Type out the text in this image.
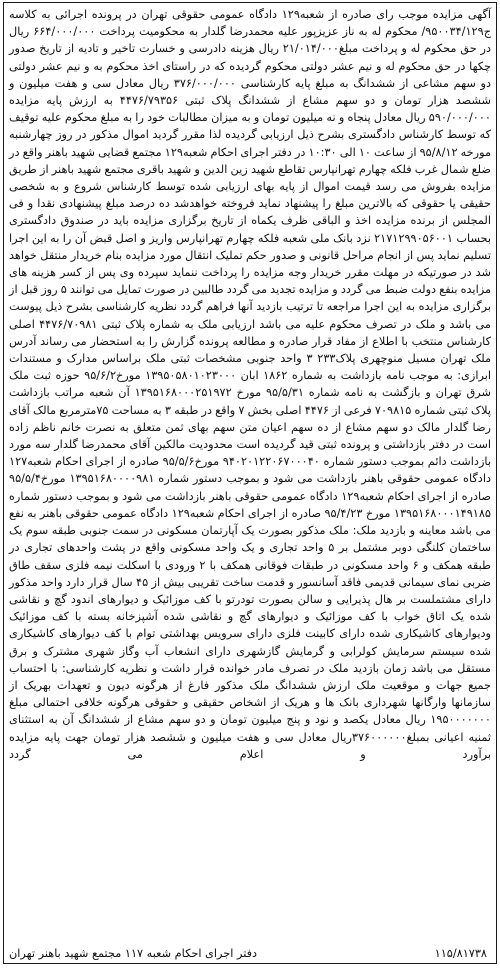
آگهی مزایده موجب رای صادره از شعبه۱۲۹ دادگاه عمومی حقوقی تهران در پرونده اجرائی به کلاسه ج۹۵۰۰۳۴/۱۲۹/ محکوم له به ناز عزیزپور علیه محمدرضا گلدار به محکومیت پرداخت ۶۶۴/۰۰۰/۰۰۰ ریال در حق محکوم له و پرداخت مبلغ۲۱/۰۱۴/۰۰۰ ریال هزینه دادرسی و خسارت تاخیر و تادیه از تاریخ صدور چکها در حق محکوم له و نیم عشر دولتی محکوم گردیده که در راستای اخذ محکوم به و نیم عشر دولتی دو سهم مشاعی از ششدانگ به مبلغ پایه کارشناسی ۳۷۶/۰۰۰/۰۰۰ ریال معادل سی و هفت میلیون و ششصد هزار تومان و دو سهم مشاع از ششدانگ پلاک ثبتی ۴۴۷۶/۷۹۳۵۶ به ارزش پایه مزایده ۵۹۰/۰۰۰/۰۰۰ ریال معادل پنجاه و نه میلیون تومان و به میزان مطالبات خود را به مبلغ محکوم علیه توقیف که توسط کارشناس دادگستری بشرح ذیل ارزیابی گردیده لذا مقرر گردید اموال مذکور در روز چهارشنبه مورخه ۹۵/۸/۱۲ از ساعت ۱۰ الی ۱۰:۳۰ در دفتر اجرای احکام شعبه۱۲۹ مجتمع قضایی شهید باهنر واقع در ضلع شمال غرب فلکه چهارم تهرانپارس تقاطع شهید زین الدین و شهید باقری مجتمع شهید باهنر از طریق مزایده بفروش می رسد قیمت اموال از پایه بهای ارزیابی شده توسط کارشناس شروع و به شخصی حقیقی یا حقوقی که بالاترین مبلغ را پیشنهاد نماید فروخته خواهدشد ده درصد مبلغ پیشنهادی نقدا و فی المجلس از برنده مزایده اخذ و الباقی ظرف یکماه از تاریخ برگزاری مزایده باید در صندوق دادگستری بحساب ۲۱۷۱۲۹۹۰۵۶۰۰۱ نزد بانک ملی شعبه فلکه چهارم تهرانپارس واریز و اصل قبض آن را به این اجرا تسلیم نماید پس از انجام مراحل قانونی و صدور حکم تملیک انتقال مورد مزایده بنام خریدار منتقل خواهد شد در صورتیکه در مهلت مقرر خریدار وجه مزایده را پرداخت ننماید سپرده وی پس از کسر هزینه های مزایده بنفع دولت ضبط می گردد و مزایده تجدید می گردد طالبین در صورت تمایل می توانند ۵ روز قبل از برگزاری مزایده به این اجرا مراجعه تا ترتیب بازدید آنها فراهم گردد نظریه کارشناسی بشرح ذیل پیوست می باشد و ملک در تصرف محکوم علیه می باشد ارزیابی ملک به شماره پلاک ثبتی ۴۴۷۶/۷۰۹۸۱ اصلی کارشناس منتخب با اطلاع از مفاد قرار صادره و مطالعه پرونده گزارش را به استحضار می رساند آدرس ملک تهران مسیل منوچهری پلاک۲۳۳ ۳ واحد جنوبی مشخصات ثبتی ملک براساس مدارک و مستندات ابرازی: به موجب نامه بازداشت به شماره ۱۸۶۲ ابان ۱۳۹۵۰۵۸۰۱۰۲۳۰۰۰ مورخ۹۵/۶/۲ حوزه ثبت ملک شرق تهران و بازگشت به نامه شماره ۹۵/۵/۳۱ مورخ ۱۳۹۵۱۶۸۰۰۰۲۵۱۹۷۲ آن شعبه مراتب بازداشت پلاک ثبتی شماره ۷۰۹۸۱۵ فرعی از ۴۴۷۶ اصلی بخش ۷ واقع در طبقه ۳ به مساحت ۷۵مترمربع مالک آقای رضا گلدار مالک دو سهم مشاع از ده سهم اعیان متن سهم بهای ثمن متعلق به نصرت خانم ناظم زاده است در دفتر بازداشتی و پرونده ثبتی قید گردیده است محدودیت مالکین آقای محمدرضا گلدار سه مورد بازداشت دائم بموجب دستور شماره ۹۴۰۲۰۱۲۲۰۶۷۰۰۰۴۰ مورخ۹۵/۵/۶ صادره از اجرای احکام شعبه۱۲۷ دادگاه عمومی حقوقی باهنر بازداشت می شود و بموجب دستور شماره ۱۳۹۵۱۶۸۰۰۰۰۹۸۱ مورخ۹۵/۵/۴ صادره از اجرای احکام شعبه۱۲۹ دادگاه عمومی حقوقی باهنر بازداشت می شود و بموجب دستور شماره ۱۳۹۵۱۶۸۰۰۰۱۴۹۱۸۵ مورخ ۹۵/۴/۲۳ صادره از اجرای احکام شعبه۱۲۹ دادگاه عمومی حقوقی باهنر به نفع می باشد معاینه و بازدید ملک: ملک مذکور بصورت یک آپارتمان مسکونی در سمت جنوبی طبقه سوم یک ساختمان کلنگی دوبر مشتمل بر ۵ واحد تجاری و یک واحد مسکونی واقع در پشت واحدهای تجاری در طبقه همکف و ۶ واحد مسکونی در طبقات فوقانی همکف با ۲ ورودی با اسکلت نیمه فلزی سقف طاق ضربی نمای سیمانی قدیمی فاقد آسانسور و قدمت ساخت تقریبی بیش از ۴۵ سال قرار دارد واحد مذکور دارای مشتملست بر هال پذیرایی و سالن بصورت تودرتو با کف موزائیک و دیوارهای اندود گچ و نقاشی شده یک اتاق خواب با کف موزائیک و دیوارهای گچ و نقاشی شده آشپزخانه بسته با کف موزائیک ودیوارهای کاشیکاری شده دارای کابینت فلزی دارای سرویس بهداشتی توام با کف دیوارهای کاشیکاری شده سیستم سرمایش کولرابی و گرمایش گازشهری دارای انشعاب آب وگاز شهری مشترک و برق مستقل می باشد زمان بازدید ملک در تصرف مادر خوانده قرار داشت و نظریه کارشناسی: با احتساب جمیع جهات و موقعیت ملک ارزش ششدانگ ملک مذکور فارغ از هرگونه دیون و تعهدات بهریک از سازمانها وارگانها شهرداری بانک ها و هریک از اشخاص حقیقی و حقوقی هرگونه خلافی احتمالی مبلغ ۱۹۵۰۰۰۰۰۰۰ ریال معادل یکصد و نود و پنج میلیون تومان و دو سهم مشاع از ششدانگ آن به استثنای ثمنیه اعیانی بمبلغ۳۷۶۰۰۰۰۰۰ریال معادل سی و هفت میلیون و ششصد هزار تومان جهت پایه مزایده برآورد و اعلام می گردد

۱۱۵/۸۱۷۳۸
دفتر اجرای احکام شعبه ۱۱۷ مجتمع شهید باهنر تهران
